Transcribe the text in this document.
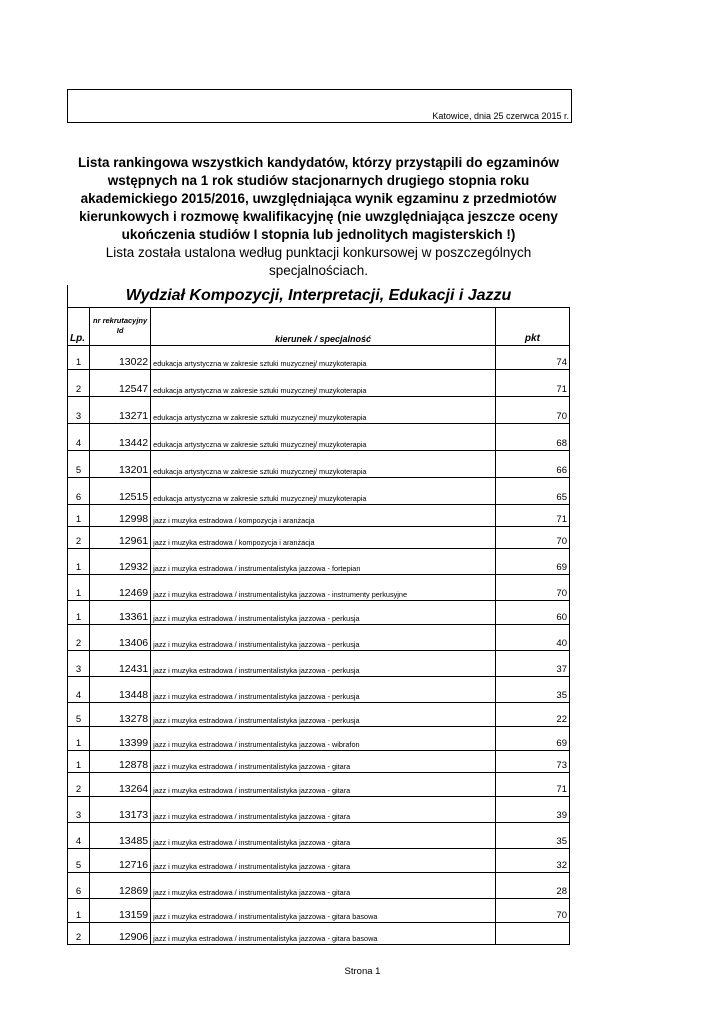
Katowice, dnia 25 czerwca 2015 r.
Lista rankingowa wszystkich kandydatów, którzy przystąpili do egzaminów wstępnych na 1 rok studiów stacjonarnych drugiego stopnia roku akademickiego 2015/2016, uwzględniająca wynik egzaminu z przedmiotów kierunkowych i rozmowę kwalifikacyjnę (nie uwzględniająca jeszcze oceny ukończenia studiów I stopnia lub jednolitych magisterskich !)
Lista została ustalona według punktacji konkursowej w poszczególnych specjalnościach.
Wydział Kompozycji, Interpretacji, Edukacji i Jazzu
Lp.	nr rekrutacyjny Id	kierunek / specjalność	pkt
1	13022	edukacja artystyczna w zakresie sztuki muzycznej/ muzykoterapia	74
2	12547	edukacja artystyczna w zakresie sztuki muzycznej/ muzykoterapia	71
3	13271	edukacja artystyczna w zakresie sztuki muzycznej/ muzykoterapia	70
4	13442	edukacja artystyczna w zakresie sztuki muzycznej/ muzykoterapia	68
5	13201	edukacja artystyczna w zakresie sztuki muzycznej/ muzykoterapia	66
6	12515	edukacja artystyczna w zakresie sztuki muzycznej/ muzykoterapia	65
1	12998	jazz i muzyka estradowa / kompozycja i aranżacja	71
2	12961	jazz i muzyka estradowa / kompozycja i aranżacja	70
1	12932	jazz i muzyka estradowa / instrumentalistyka jazzowa - fortepian	69
1	12469	jazz i muzyka estradowa / instrumentalistyka jazzowa - instrumenty perkusyjne	70
1	13361	jazz i muzyka estradowa / instrumentalistyka jazzowa - perkusja	60
2	13406	jazz i muzyka estradowa / instrumentalistyka jazzowa - perkusja	40
3	12431	jazz i muzyka estradowa / instrumentalistyka jazzowa - perkusja	37
4	13448	jazz i muzyka estradowa / instrumentalistyka jazzowa - perkusja	35
5	13278	jazz i muzyka estradowa / instrumentalistyka jazzowa - perkusja	22
1	13399	jazz i muzyka estradowa / instrumentalistyka jazzowa - wibrafon	69
1	12878	jazz i muzyka estradowa / instrumentalistyka jazzowa - gitara	73
2	13264	jazz i muzyka estradowa / instrumentalistyka jazzowa - gitara	71
3	13173	jazz i muzyka estradowa / instrumentalistyka jazzowa - gitara	39
4	13485	jazz i muzyka estradowa / instrumentalistyka jazzowa - gitara	35
5	12716	jazz i muzyka estradowa / instrumentalistyka jazzowa - gitara	32
6	12869	jazz i muzyka estradowa / instrumentalistyka jazzowa - gitara	28
1	13159	jazz i muzyka estradowa / instrumentalistyka jazzowa - gitara basowa	70
2	12906	jazz i muzyka estradowa / instrumentalistyka jazzowa - gitara basowa	
Strona 1
